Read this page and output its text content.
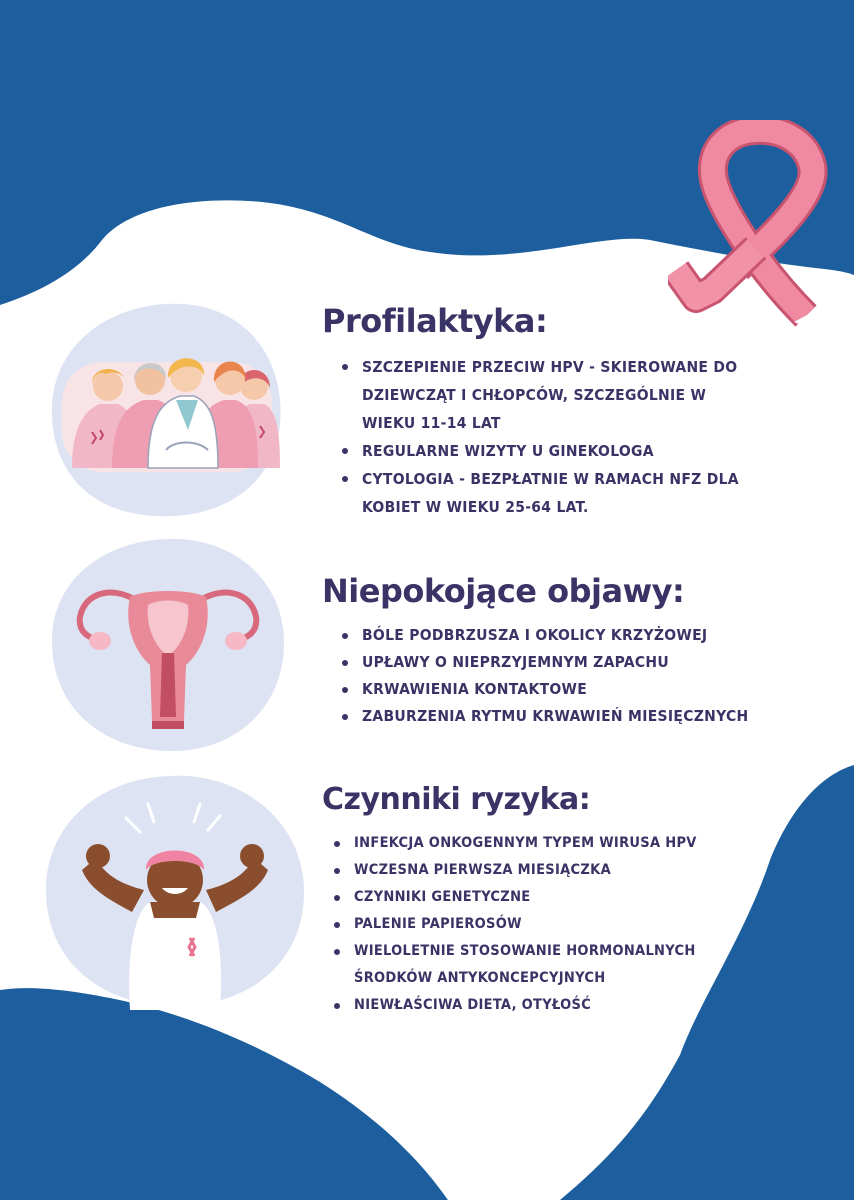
Profilaktyka:
SZCZEPIENIE PRZECIW HPV - SKIEROWANE DO DZIEWCZĄT I CHŁOPCÓW, SZCZEGÓLNIE W WIEKU 11-14 LAT
REGULARNE WIZYTY U GINEKOLOGA
CYTOLOGIA - BEZPŁATNIE W RAMACH NFZ DLA KOBIET W WIEKU 25-64 LAT.
Niepokojące objawy:
BÓLE PODBRZUSZA I OKOLICY KRZYŻOWEJ
UPŁAWY O NIEPRZYJEMNYM ZAPACHU
KRWAWIENIA KONTAKTOWE
ZABURZENIA RYTMU KRWAWIEŃ MIESIĘCZNYCH
Czynniki ryzyka:
INFEKCJA ONKOGENNYM TYPEM WIRUSA HPV
WCZESNA PIERWSZA MIESIĄCZKA
CZYNNIKI GENETYCZNE
PALENIE PAPIEROSÓW
WIELOLETNIE STOSOWANIE HORMONALNYCH ŚRODKÓW ANTYKONCEPCYJNYCH
NIEWŁAŚCIWA DIETA, OTYŁOŚĆ
